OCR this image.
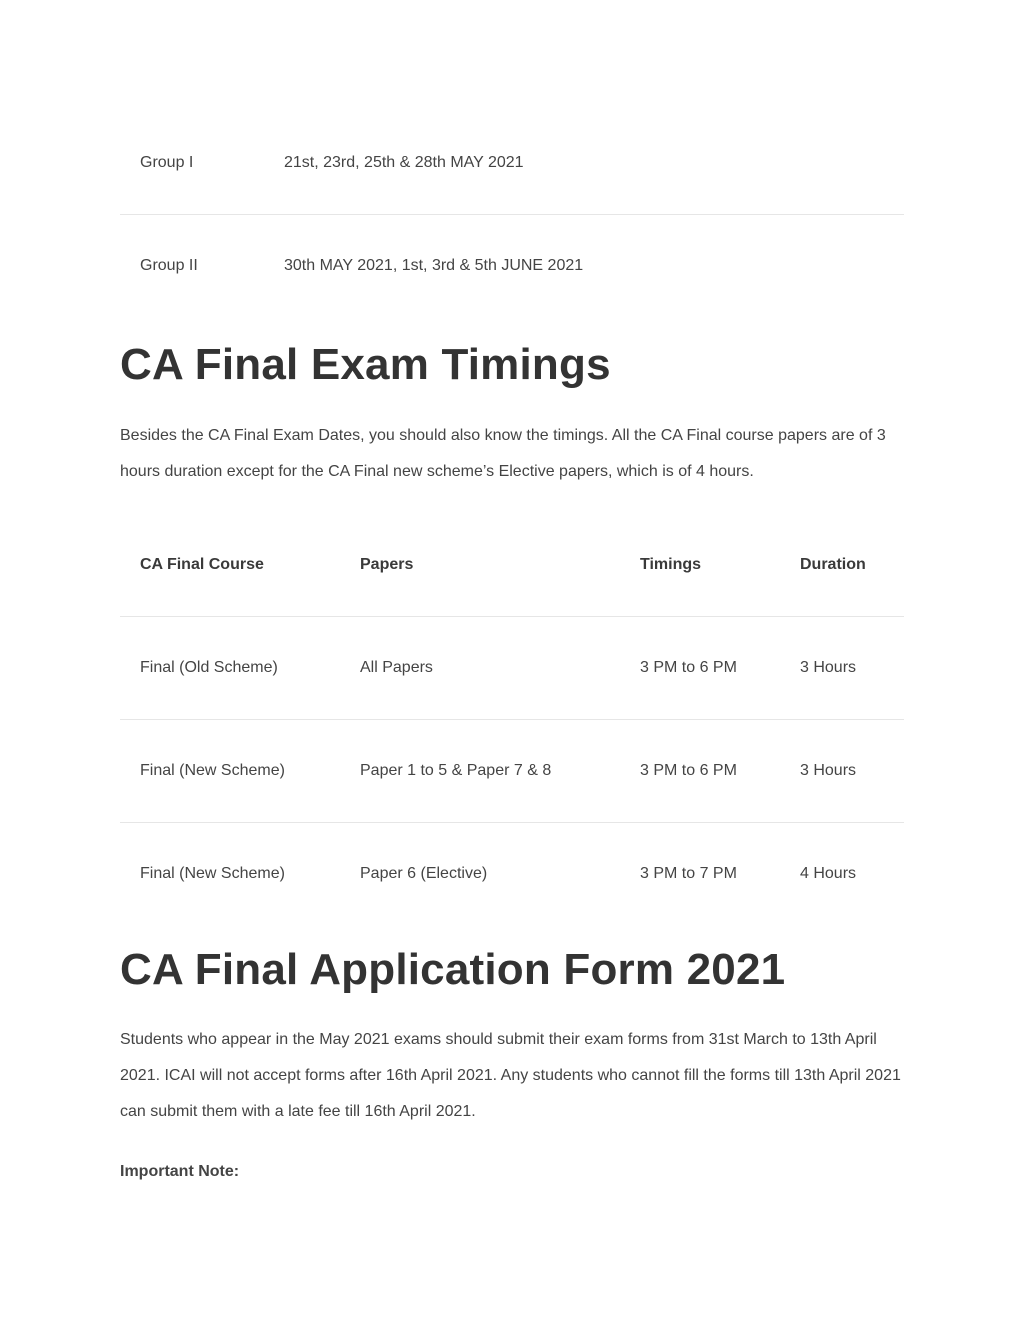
Group I	21st, 23rd, 25th & 28th MAY 2021
Group II	30th MAY 2021, 1st, 3rd & 5th JUNE 2021
CA Final Exam Timings

Besides the CA Final Exam Dates, you should also know the timings. All the CA Final course papers are of 3 hours duration except for the CA Final new scheme’s Elective papers, which is of 4 hours.

CA Final Course	Papers	Timings	Duration
Final (Old Scheme)	All Papers	3 PM to 6 PM	3 Hours
Final (New Scheme)	Paper 1 to 5 & Paper 7 & 8	3 PM to 6 PM	3 Hours
Final (New Scheme)	Paper 6 (Elective)	3 PM to 7 PM	4 Hours
CA Final Application Form 2021

Students who appear in the May 2021 exams should submit their exam forms from 31st March to 13th April 2021. ICAI will not accept forms after 16th April 2021. Any students who cannot fill the forms till 13th April 2021 can submit them with a late fee till 16th April 2021.

Important Note:
